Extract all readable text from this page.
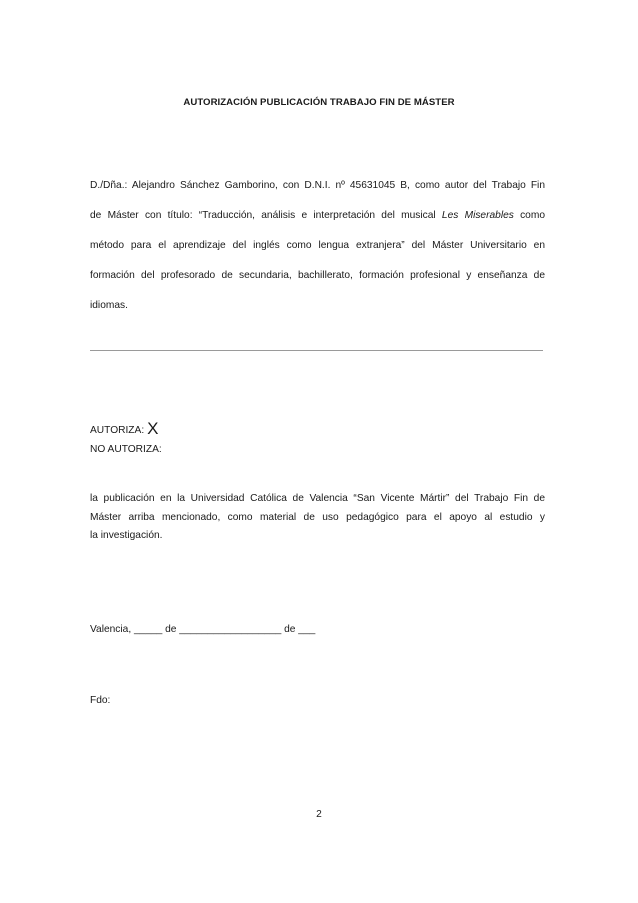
AUTORIZACIÓN PUBLICACIÓN TRABAJO FIN DE MÁSTER
D./Dña.: Alejandro Sánchez Gamborino, con D.N.I. nº 45631045 B, como autor del Trabajo Fin
de Máster con título: “Traducción, análisis e interpretación del musical Les Miserables como
método para el aprendizaje del inglés como lengua extranjera” del Máster Universitario en
formación del profesorado de secundaria, bachillerato, formación profesional y enseñanza de
idiomas.
AUTORIZA: X
NO AUTORIZA:
la publicación en la Universidad Católica de Valencia “San Vicente Mártir” del Trabajo Fin de
Máster arriba mencionado, como material de uso pedagógico para el apoyo al estudio y
la investigación.
Valencia, _____ de __________________ de ___
Fdo:
2
